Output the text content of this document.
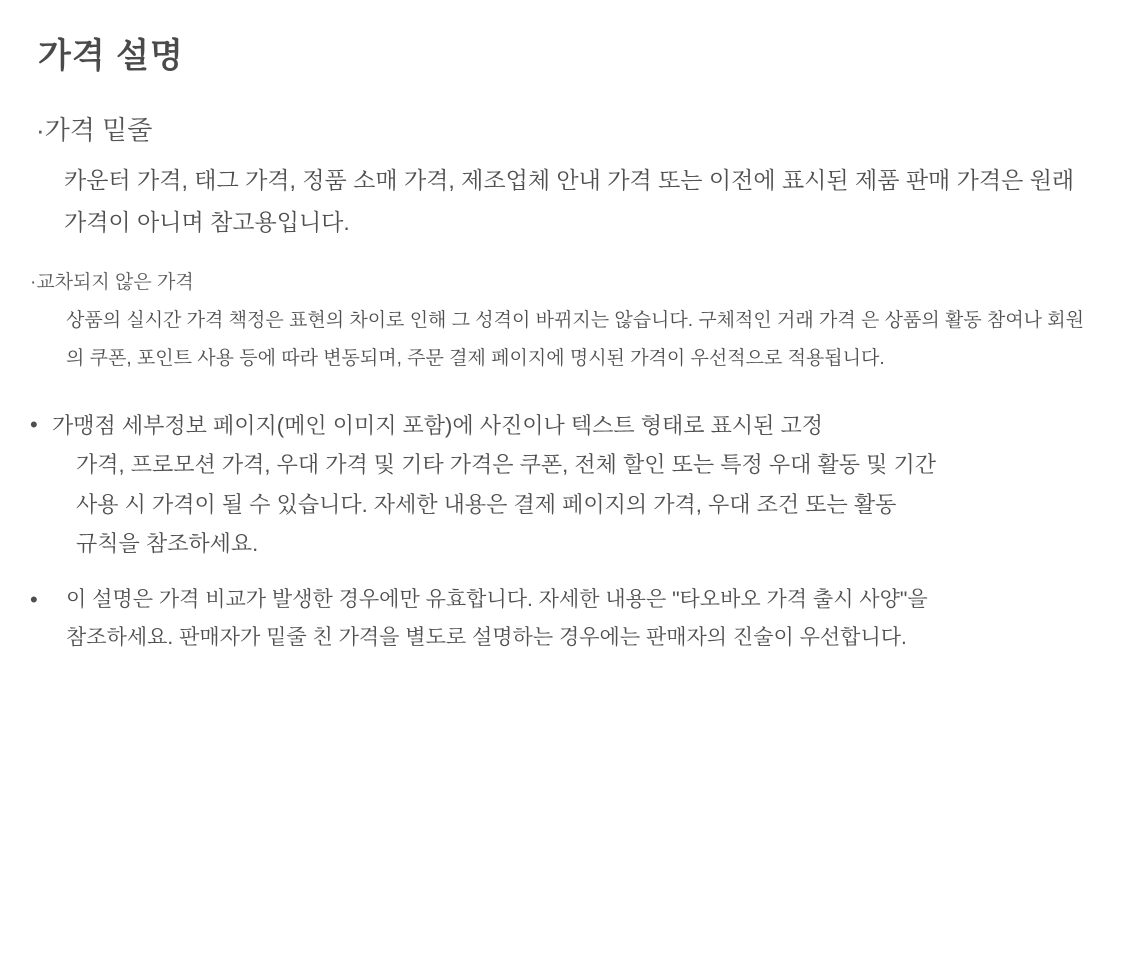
가격 설명
·가격 밑줄

카운터 가격, 태그 가격, 정품 소매 가격, 제조업체 안내 가격 또는 이전에 표시된 제품 판매 가격은 원래 가격이 아니며 참고용입니다.

·교차되지 않은 가격

상품의 실시간 가격 책정은 표현의 차이로 인해 그 성격이 바뀌지는 않습니다. 구체적인 거래 가격 은 상품의 활동 참여나 회원의 쿠폰, 포인트 사용 등에 따라 변동되며, 주문 결제 페이지에 명시된 가격이 우선적으로 적용됩니다.

• 가맹점 세부정보 페이지(메인 이미지 포함)에 사진이나 텍스트 형태로 표시된 고정
가격, 프로모션 가격, 우대 가격 및 기타 가격은 쿠폰, 전체 할인 또는 특정 우대 활동 및 기간
사용 시 가격이 될 수 있습니다. 자세한 내용은 결제 페이지의 가격, 우대 조건 또는 활동
규칙을 참조하세요.
•	이 설명은 가격 비교가 발생한 경우에만 유효합니다. 자세한 내용은 "타오바오 가격 출시 사양"을
참조하세요. 판매자가 밑줄 친 가격을 별도로 설명하는 경우에는 판매자의 진술이 우선합니다.
